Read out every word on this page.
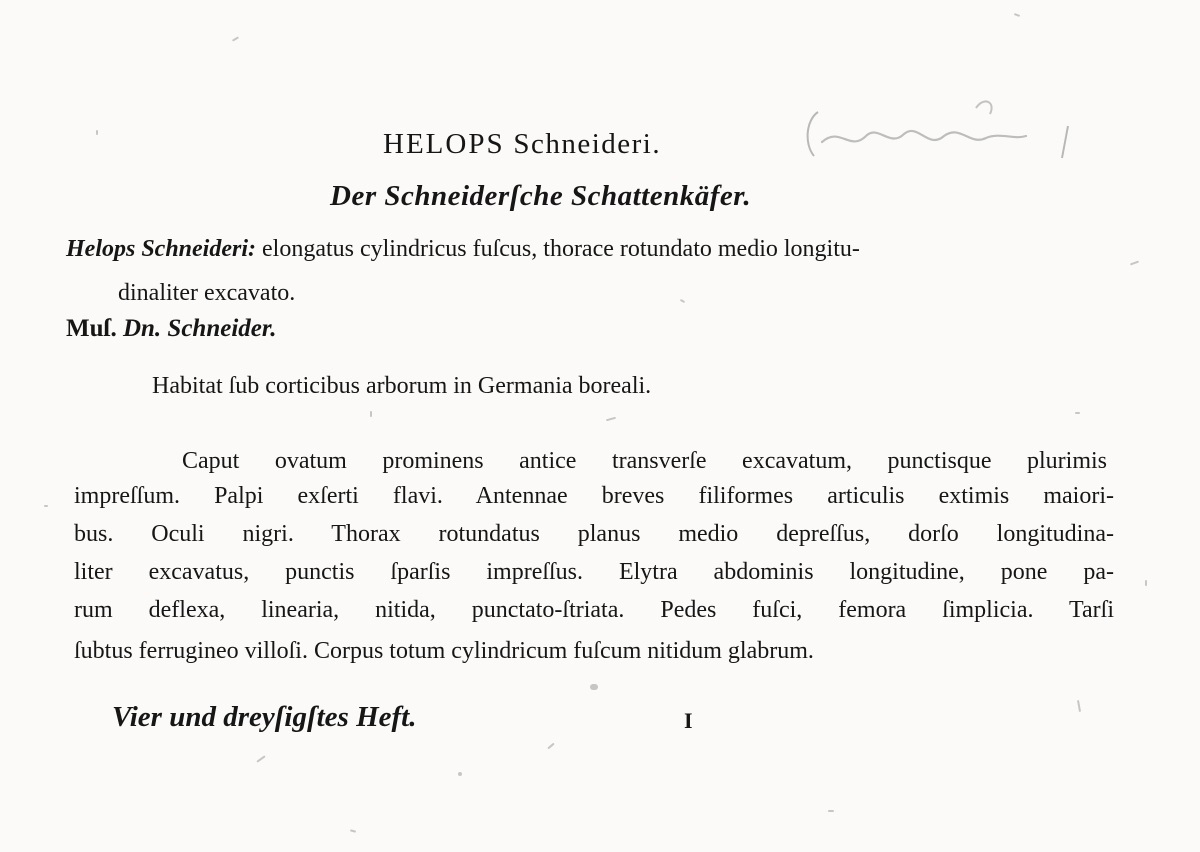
HELOPS Schneideri.
Der Schneiderſche Schattenkäfer.
Helops Schneideri: elongatus cylindricus fuſcus, thorace rotundato medio longitu-
dinaliter excavato.
Muſ. Dn. Schneider.
Habitat ſub corticibus arborum in Germania boreali.
Caput ovatum prominens antice transverſe excavatum, punctisque plurimis
impreſſum. Palpi exſerti flavi. Antennae breves filiformes articulis extimis maiori-
bus. Oculi nigri. Thorax rotundatus planus medio depreſſus, dorſo longitudina-
liter excavatus, punctis ſparſis impreſſus. Elytra abdominis longitudine, pone pa-
rum deflexa, linearia, nitida, punctato-ſtriata. Pedes fuſci, femora ſimplicia. Tarſi
ſubtus ferrugineo villoſi. Corpus totum cylindricum fuſcum nitidum glabrum.
Vier und dreyſigſtes Heft.	I
